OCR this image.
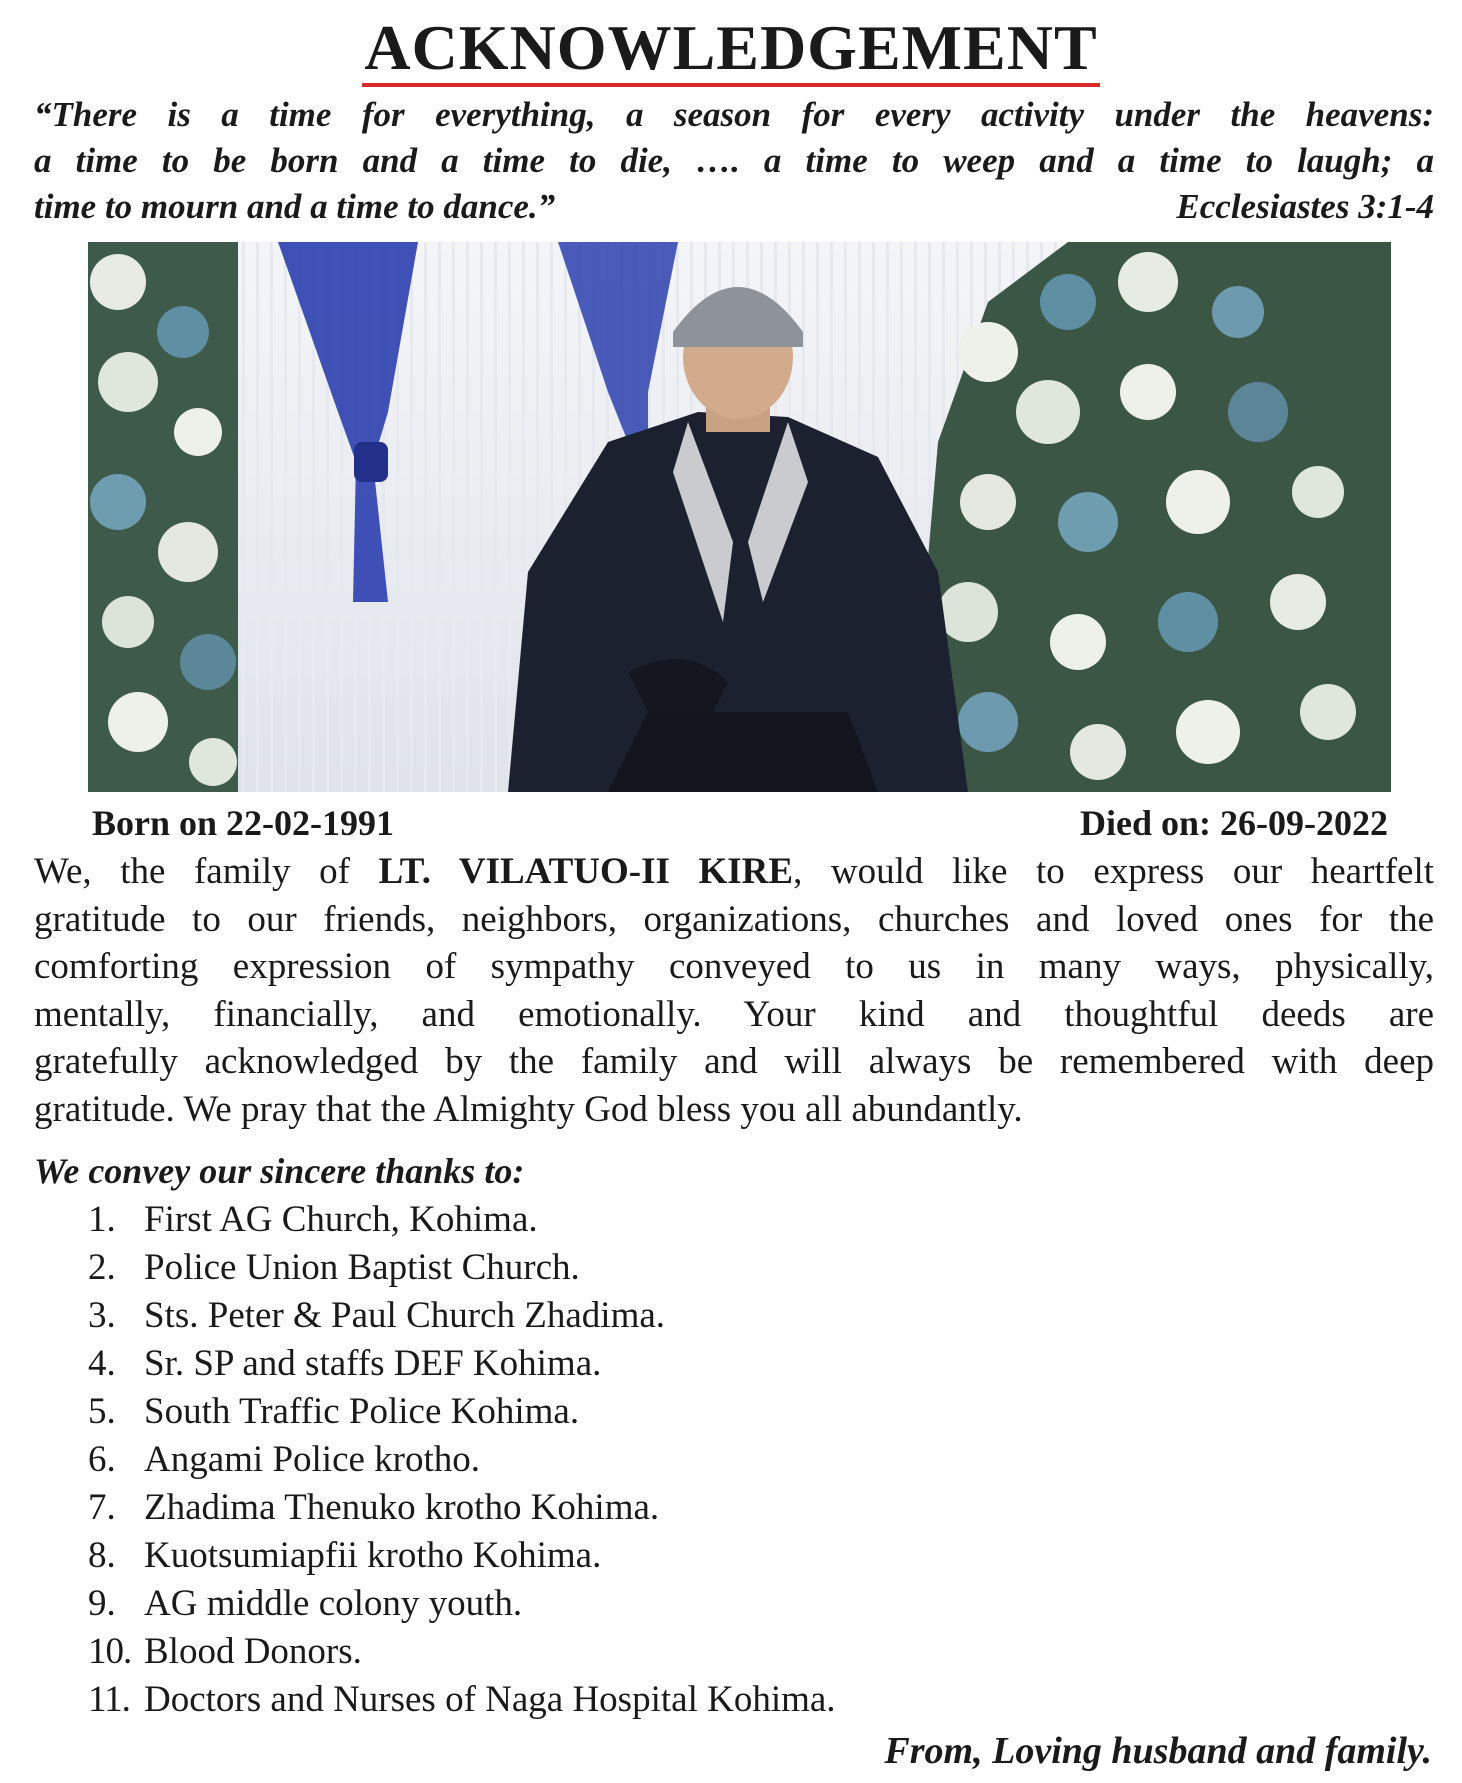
ACKNOWLEDGEMENT
“There is a time for everything, a season for every activity under the heavens:
a time to be born and a time to die, …. a time to weep and a time to laugh; a
time to mourn and a time to dance.”	Ecclesiastes 3:1-4
Born on 22-02-1991	Died on: 26-09-2022
We, the family of LT. VILATUO-II KIRE, would like to express our heartfelt
gratitude to our friends, neighbors, organizations, churches and loved ones for the
comforting expression of sympathy conveyed to us in many ways, physically,
mentally, financially, and emotionally. Your kind and thoughtful deeds are
gratefully acknowledged by the family and will always be remembered with deep
gratitude. We pray that the Almighty God bless you all abundantly.
We convey our sincere thanks to:
1. First AG Church, Kohima.
2. Police Union Baptist Church.
3. Sts. Peter & Paul Church Zhadima.
4. Sr. SP and staffs DEF Kohima.
5. South Traffic Police Kohima.
6. Angami Police krotho.
7. Zhadima Thenuko krotho Kohima.
8. Kuotsumiapfii krotho Kohima.
9. AG middle colony youth.
10. Blood Donors.
11. Doctors and Nurses of Naga Hospital Kohima.
From, Loving husband and family.
